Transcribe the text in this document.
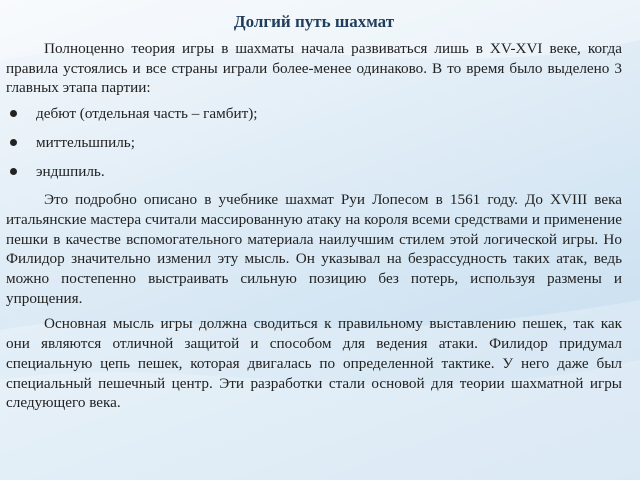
Долгий путь шахмат

Полноценно теория игры в шахматы начала развиваться лишь в XV-XVI веке, когда правила устоялись и все страны играли более-менее одинаково. В то время было выделено 3 главных этапа партии:

дебют (отдельная часть – гамбит);
миттельшпиль;
эндшпиль.

Это подробно описано в учебнике шахмат Руи Лопесом в 1561 году. До XVIII века итальянские мастера считали массированную атаку на короля всеми средствами и применение пешки в качестве вспомогательного материала наилучшим стилем этой логической игры. Но Филидор значительно изменил эту мысль. Он указывал на безрассудность таких атак, ведь можно постепенно выстраивать сильную позицию без потерь, используя размены и упрощения.

Основная мысль игры должна сводиться к правильному выставлению пешек, так как они являются отличной защитой и способом для ведения атаки. Филидор придумал специальную цепь пешек, которая двигалась по определенной тактике. У него даже был специальный пешечный центр. Эти разработки стали основой для теории шахматной игры следующего века.
